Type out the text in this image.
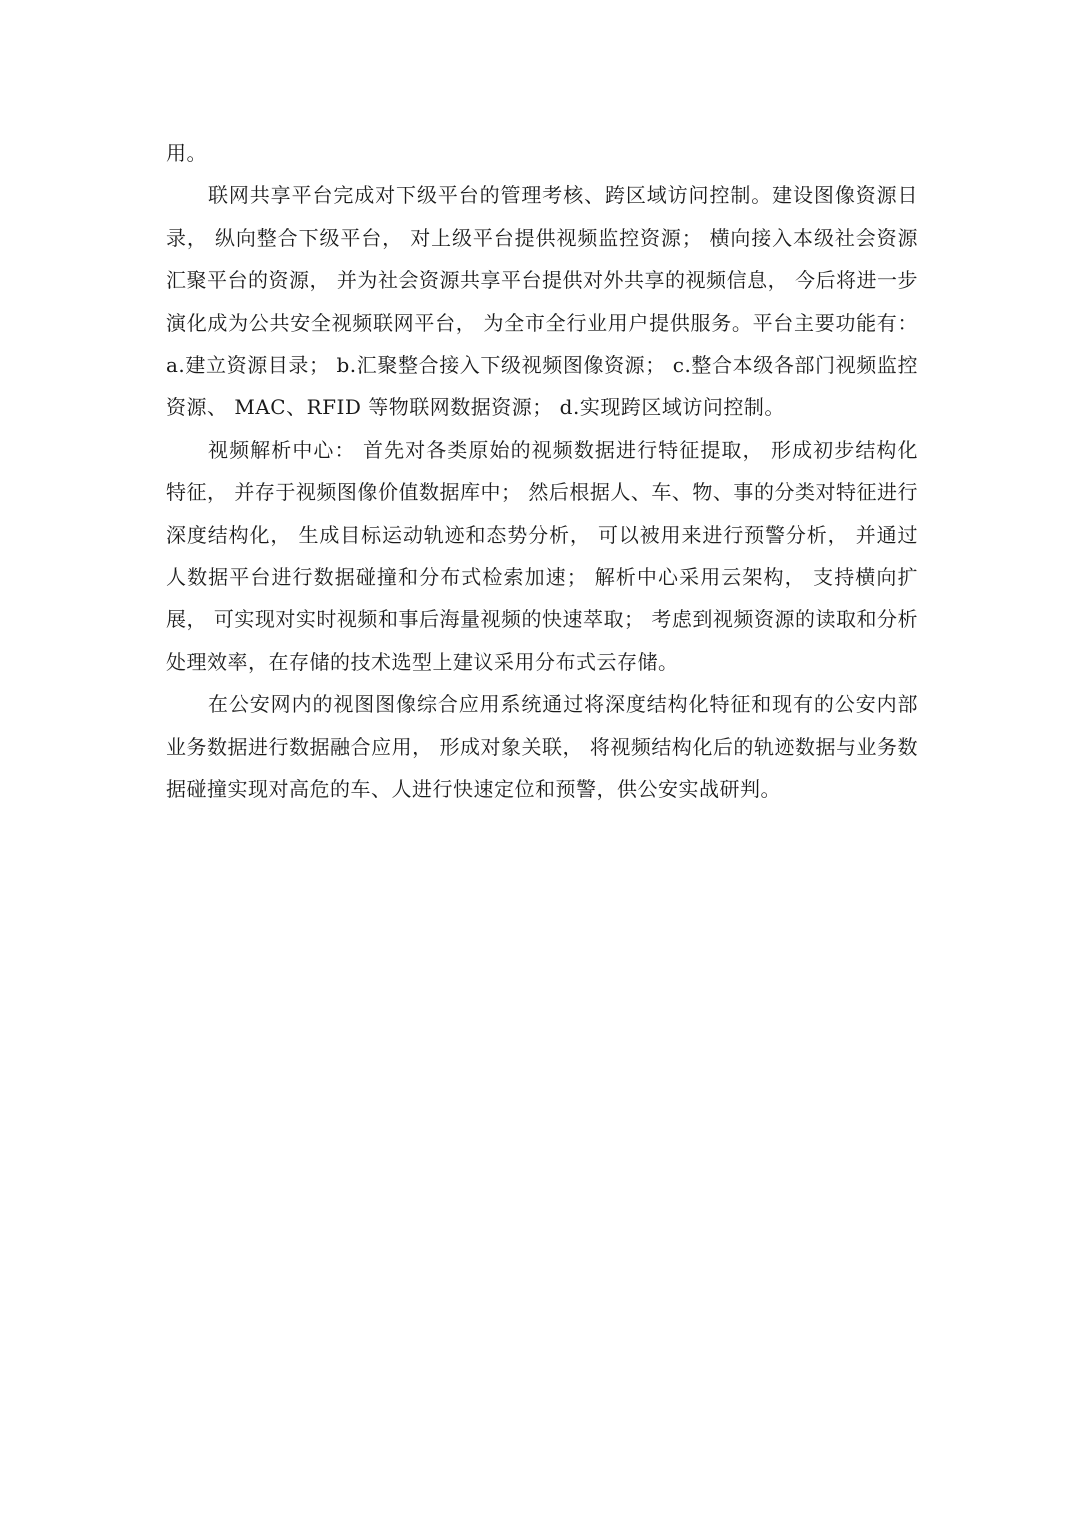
用。

联网共享平台完成对下级平台的管理考核、跨区域访问控制。建设图像资源日录， 纵向整合下级平台， 对上级平台提供视频监控资源； 横向接入本级社会资源汇聚平台的资源， 并为社会资源共享平台提供对外共享的视频信息， 今后将进一步演化成为公共安全视频联网平台， 为全市全行业用户提供服务。平台主要功能有： a.建立资源目录； b.汇聚整合接入下级视频图像资源； c.整合本级各部门视频监控资源、 MAC、RFID 等物联网数据资源； d.实现跨区域访问控制。

视频解析中心： 首先对各类原始的视频数据进行特征提取， 形成初步结构化特征， 并存于视频图像价值数据库中； 然后根据人、车、物、事的分类对特征进行深度结构化， 生成目标运动轨迹和态势分析， 可以被用来进行预警分析， 并通过人数据平台进行数据碰撞和分布式检索加速； 解析中心采用云架构， 支持横向扩展， 可实现对实时视频和事后海量视频的快速萃取； 考虑到视频资源的读取和分析处理效率，在存储的技术选型上建议采用分布式云存储。

在公安网内的视图图像综合应用系统通过将深度结构化特征和现有的公安内部业务数据进行数据融合应用， 形成对象关联， 将视频结构化后的轨迹数据与业务数据碰撞实现对高危的车、人进行快速定位和预警，供公安实战研判。
